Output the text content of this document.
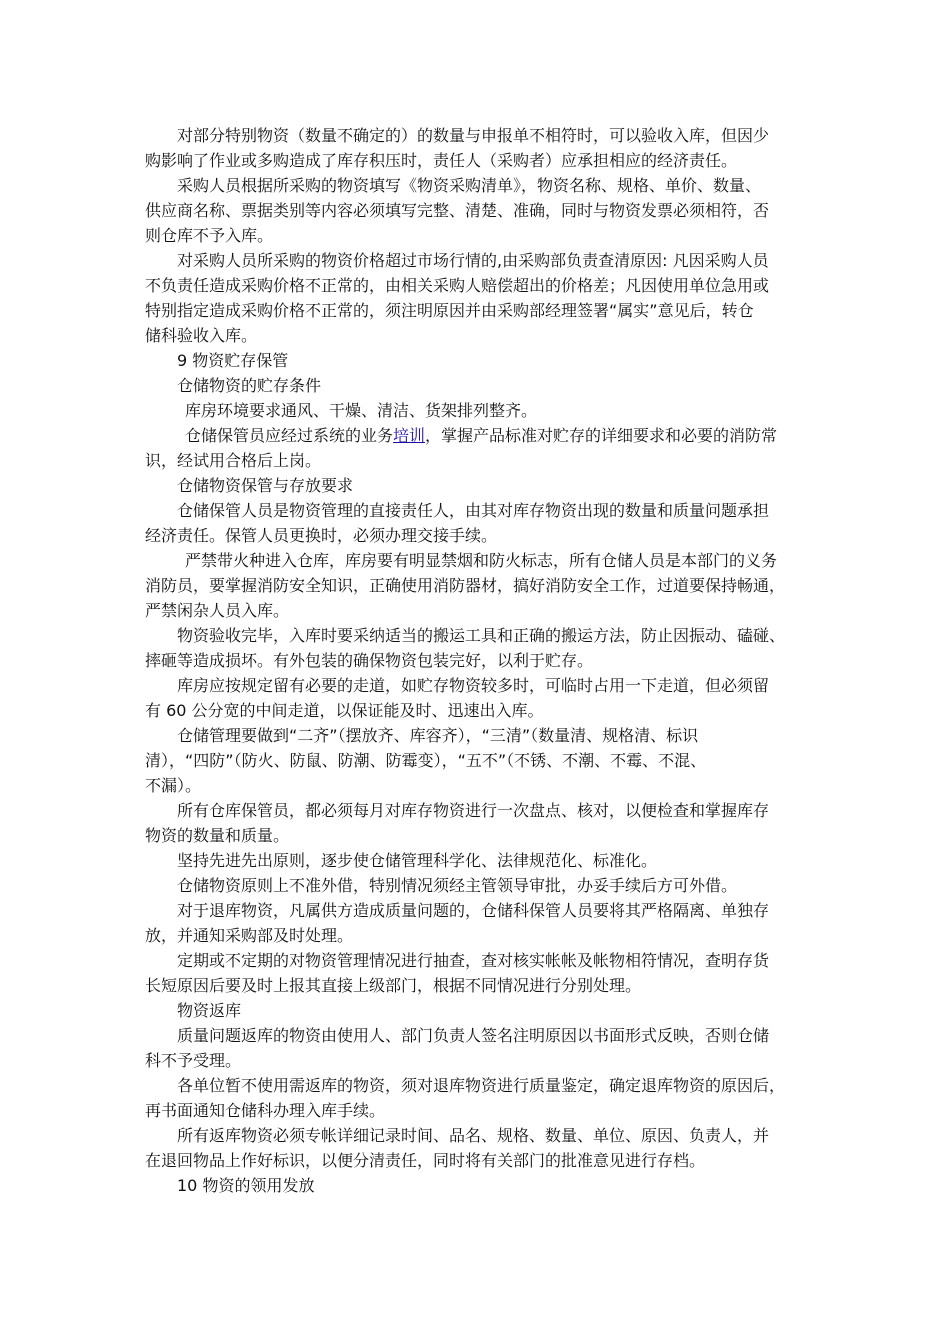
对部分特别物资（数量不确定的）的数量与申报单不相符时，可以验收入库，但因少
购影响了作业或多购造成了库存积压时，责任人（采购者）应承担相应的经济责任。
采购人员根据所采购的物资填写《物资采购清单》，物资名称、规格、单价、数量、
供应商名称、票据类别等内容必须填写完整、清楚、准确，同时与物资发票必须相符，否
则仓库不予入库。
对采购人员所采购的物资价格超过市场行情的,由采购部负责查清原因: 凡因采购人员
不负责任造成采购价格不正常的，由相关采购人赔偿超出的价格差；凡因使用单位急用或
特别指定造成采购价格不正常的，须注明原因并由采购部经理签署“属实”意见后，转仓
储科验收入库。
9 物资贮存保管
仓储物资的贮存条件
库房环境要求通风、干燥、清洁、货架排列整齐。
仓储保管员应经过系统的业务培训，掌握产品标准对贮存的详细要求和必要的消防常
识，经试用合格后上岗。
仓储物资保管与存放要求
仓储保管人员是物资管理的直接责任人，由其对库存物资出现的数量和质量问题承担
经济责任。保管人员更换时，必须办理交接手续。
严禁带火种进入仓库，库房要有明显禁烟和防火标志，所有仓储人员是本部门的义务
消防员，要掌握消防安全知识，正确使用消防器材，搞好消防安全工作，过道要保持畅通，
严禁闲杂人员入库。
物资验收完毕，入库时要采纳适当的搬运工具和正确的搬运方法，防止因振动、磕碰、
摔砸等造成损坏。有外包装的确保物资包装完好，以利于贮存。
库房应按规定留有必要的走道，如贮存物资较多时，可临时占用一下走道，但必须留
有 60 公分宽的中间走道，以保证能及时、迅速出入库。
仓储管理要做到“二齐”（摆放齐、库容齐），“三清”（数量清、规格清、标识
清），“四防”（防火、防鼠、防潮、防霉变），“五不”（不锈、不潮、不霉、不混、
不漏）。
所有仓库保管员，都必须每月对库存物资进行一次盘点、核对，以便检查和掌握库存
物资的数量和质量。
坚持先进先出原则，逐步使仓储管理科学化、法律规范化、标准化。
仓储物资原则上不准外借，特别情况须经主管领导审批，办妥手续后方可外借。
对于退库物资，凡属供方造成质量问题的，仓储科保管人员要将其严格隔离、单独存
放，并通知采购部及时处理。
定期或不定期的对物资管理情况进行抽查，查对核实帐帐及帐物相符情况，查明存货
长短原因后要及时上报其直接上级部门，根据不同情况进行分别处理。
物资返库
质量问题返库的物资由使用人、部门负责人签名注明原因以书面形式反映，否则仓储
科不予受理。
各单位暂不使用需返库的物资，须对退库物资进行质量鉴定，确定退库物资的原因后，
再书面通知仓储科办理入库手续。
所有返库物资必须专帐详细记录时间、品名、规格、数量、单位、原因、负责人，并
在退回物品上作好标识，以便分清责任，同时将有关部门的批准意见进行存档。
10 物资的领用发放
